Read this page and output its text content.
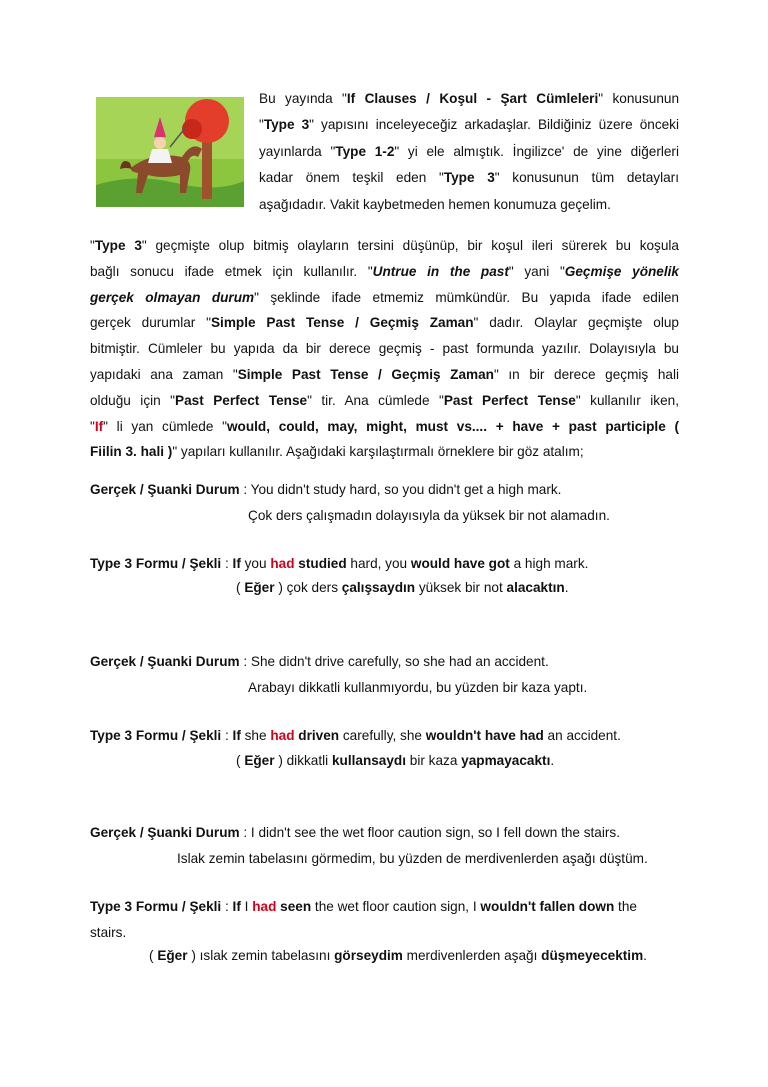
Bu yayında "If Clauses / Koşul - Şart Cümleleri" konusunun
"Type 3" yapısını inceleyeceğiz arkadaşlar. Bildiğiniz üzere önceki
yayınlarda "Type 1-2" yi ele almıştık. İngilizce' de yine diğerleri
kadar önem teşkil eden "Type 3" konusunun tüm detayları
aşağıdadır. Vakit kaybetmeden hemen konumuza geçelim.
"Type 3" geçmişte olup bitmiş olayların tersini düşünüp, bir koşul ileri sürerek bu koşula
bağlı sonucu ifade etmek için kullanılır. "Untrue in the past" yani "Geçmişe yönelik
gerçek olmayan durum" şeklinde ifade etmemiz mümkündür. Bu yapıda ifade edilen
gerçek durumlar "Simple Past Tense / Geçmiş Zaman" dadır. Olaylar geçmişte olup
bitmiştir. Cümleler bu yapıda da bir derece geçmiş - past formunda yazılır. Dolayısıyla bu
yapıdaki ana zaman "Simple Past Tense / Geçmiş Zaman" ın bir derece geçmiş hali
olduğu için "Past Perfect Tense" tir. Ana cümlede "Past Perfect Tense" kullanılır iken,
"If" li yan cümlede "would, could, may, might, must vs.... + have + past participle (
Fiilin 3. hali )" yapıları kullanılır. Aşağıdaki karşılaştırmalı örneklere bir göz atalım;
Gerçek / Şuanki Durum : You didn't study hard, so you didn't get a high mark.
Çok ders çalışmadın dolayısıyla da yüksek bir not alamadın.
Type 3 Formu / Şekli : If you had studied hard, you would have got a high mark.
( Eğer ) çok ders çalışsaydın yüksek bir not alacaktın.
Gerçek / Şuanki Durum : She didn't drive carefully, so she had an accident.
Arabayı dikkatli kullanmıyordu, bu yüzden bir kaza yaptı.
Type 3 Formu / Şekli : If she had driven carefully, she wouldn't have had an accident.
( Eğer ) dikkatli kullansaydı bir kaza yapmayacaktı.
Gerçek / Şuanki Durum : I didn't see the wet floor caution sign, so I fell down the stairs.
Islak zemin tabelasını görmedim, bu yüzden de merdivenlerden aşağı düştüm.
Type 3 Formu / Şekli : If I had seen the wet floor caution sign, I wouldn't fallen down the
stairs.
( Eğer ) ıslak zemin tabelasını görseydim merdivenlerden aşağı düşmeyecektim.
